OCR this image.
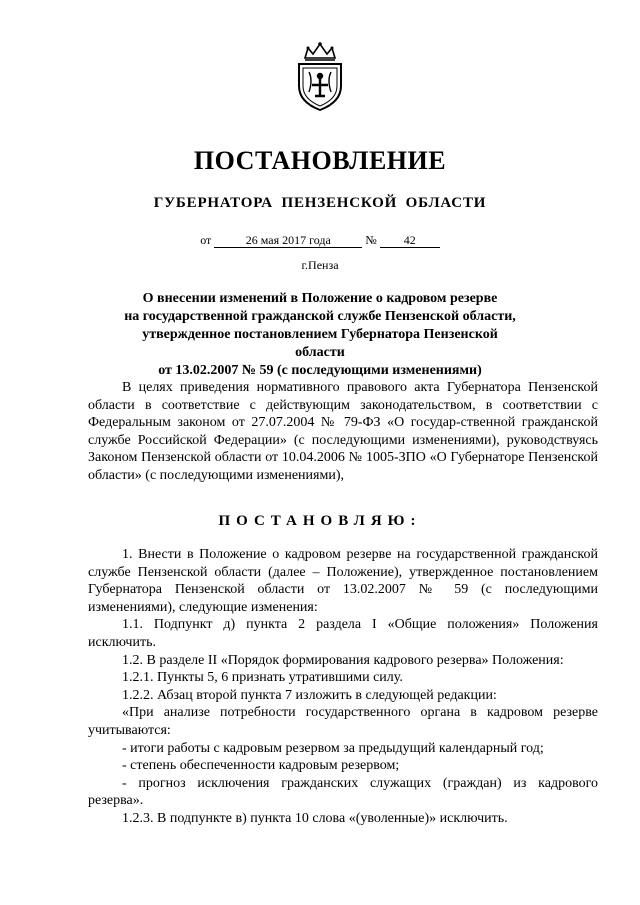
ПОСТАНОВЛЕНИЕ
ГУБЕРНАТОРА ПЕНЗЕНСКОЙ ОБЛАСТИ
от	26 мая 2017 года	№ 42
г.Пенза
О внесении изменений в Положение о кадровом резерве
на государственной гражданской службе Пензенской области,
утвержденное постановлением Губернатора Пензенской области
от 13.02.2007 № 59 (с последующими изменениями)

В целях приведения нормативного правового акта Губернатора Пензенской области в соответствие с действующим законодательством, в соответствии с Федеральным законом от 27.07.2004 № 79-ФЗ «О государ-ственной гражданской службе Российской Федерации» (с последующими изменениями), руководствуясь Законом Пензенской области от 10.04.2006 № 1005-ЗПО «О Губернаторе Пензенской области» (с последующими изменениями),

ПОСТАНОВЛЯЮ:

1. Внести в Положение о кадровом резерве на государственной гражданской службе Пензенской области (далее – Положение), утвержденное постановлением Губернатора Пензенской области от 13.02.2007 № 59 (с последующими изменениями), следующие изменения:

1.1. Подпункт д) пункта 2 раздела I «Общие положения» Положения исключить.

1.2. В разделе II «Порядок формирования кадрового резерва» Положения:

1.2.1. Пункты 5, 6 признать утратившими силу.

1.2.2. Абзац второй пункта 7 изложить в следующей редакции:

«При анализе потребности государственного органа в кадровом резерве учитываются:

- итоги работы с кадровым резервом за предыдущий календарный год;

- степень обеспеченности кадровым резервом;

- прогноз исключения гражданских служащих (граждан) из кадрового резерва».

1.2.3. В подпункте в) пункта 10 слова «(уволенные)» исключить.
